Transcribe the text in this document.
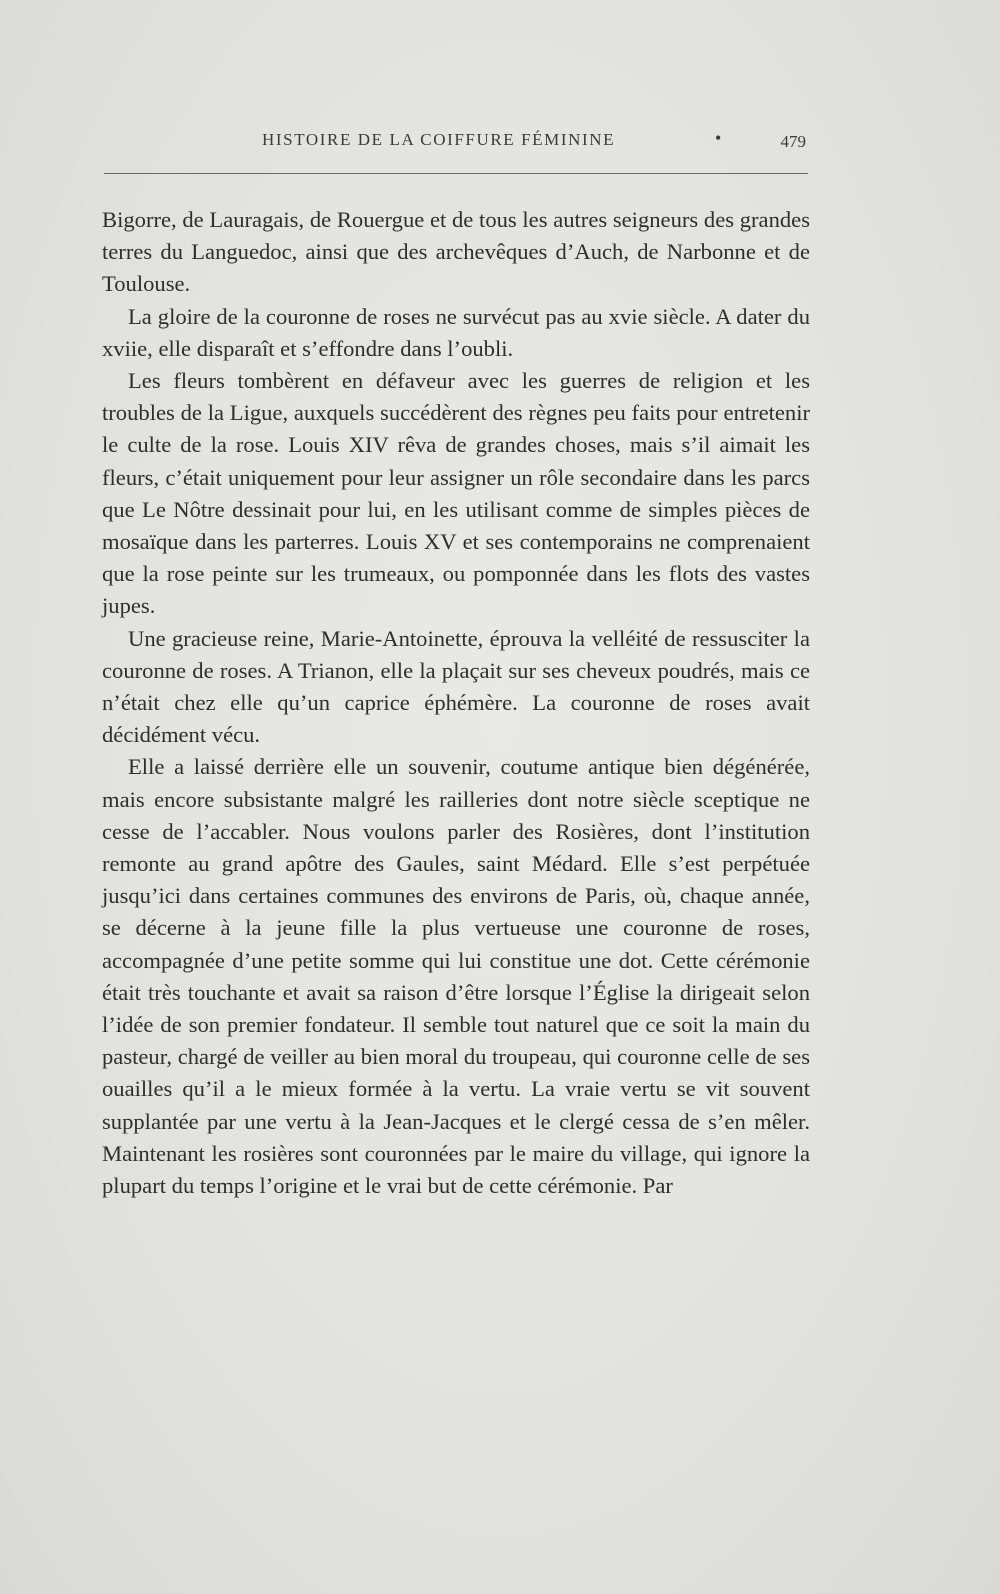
HISTOIRE DE LA COIFFURE FÉMININE	•	479

Bigorre, de Lauragais, de Rouergue et de tous les autres seigneurs des grandes terres du Languedoc, ainsi que des archevêques d’Auch, de Narbonne et de Toulouse.

La gloire de la couronne de roses ne survécut pas au xvie siècle. A dater du xviie, elle disparaît et s’effondre dans l’oubli.

Les fleurs tombèrent en défaveur avec les guerres de religion et les troubles de la Ligue, auxquels succédèrent des règnes peu faits pour entretenir le culte de la rose. Louis XIV rêva de grandes choses, mais s’il aimait les fleurs, c’était uniquement pour leur assigner un rôle secondaire dans les parcs que Le Nôtre dessinait pour lui, en les utilisant comme de simples pièces de mosaïque dans les parterres. Louis XV et ses contemporains ne comprenaient que la rose peinte sur les trumeaux, ou pomponnée dans les flots des vastes jupes.

Une gracieuse reine, Marie-Antoinette, éprouva la velléité de ressusciter la couronne de roses. A Trianon, elle la plaçait sur ses cheveux poudrés, mais ce n’était chez elle qu’un caprice éphémère. La couronne de roses avait décidément vécu.

Elle a laissé derrière elle un souvenir, coutume antique bien dégénérée, mais encore subsistante malgré les railleries dont notre siècle sceptique ne cesse de l’accabler. Nous voulons parler des Rosières, dont l’institution remonte au grand apôtre des Gaules, saint Médard. Elle s’est perpétuée jusqu’ici dans certaines communes des environs de Paris, où, chaque année, se décerne à la jeune fille la plus vertueuse une couronne de roses, accompagnée d’une petite somme qui lui constitue une dot. Cette cérémonie était très touchante et avait sa raison d’être lorsque l’Église la dirigeait selon l’idée de son premier fondateur. Il semble tout naturel que ce soit la main du pasteur, chargé de veiller au bien moral du troupeau, qui couronne celle de ses ouailles qu’il a le mieux formée à la vertu. La vraie vertu se vit souvent supplantée par une vertu à la Jean-Jacques et le clergé cessa de s’en mêler. Maintenant les rosières sont couronnées par le maire du village, qui ignore la plupart du temps l’origine et le vrai but de cette cérémonie. Par
